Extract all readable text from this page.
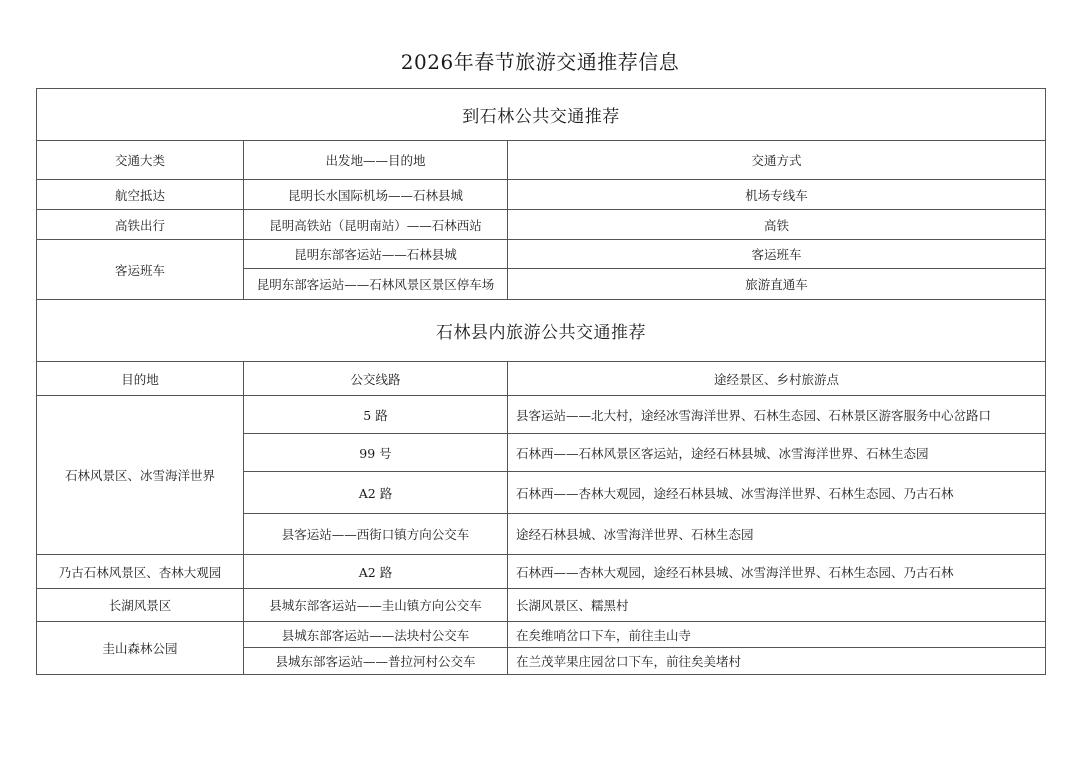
2026年春节旅游交通推荐信息
到石林公共交通推荐		
交通大类	出发地——目的地	交通方式
航空抵达	昆明长水国际机场——石林县城	机场专线车
高铁出行	昆明高铁站（昆明南站）——石林西站	高铁
客运班车	昆明东部客运站——石林县城	客运班车
	昆明东部客运站——石林风景区景区停车场	旅游直通车
石林县内旅游公共交通推荐		
目的地	公交线路	途经景区、乡村旅游点
石林风景区、冰雪海洋世界	5 路	县客运站——北大村，途经冰雪海洋世界、石林生态园、石林景区游客服务中心岔路口
	99 号	石林西——石林风景区客运站，途经石林县城、冰雪海洋世界、石林生态园
	A2 路	石林西——杏林大观园，途经石林县城、冰雪海洋世界、石林生态园、乃古石林
	县客运站——西街口镇方向公交车	途经石林县城、冰雪海洋世界、石林生态园
乃古石林风景区、杏林大观园	A2 路	石林西——杏林大观园，途经石林县城、冰雪海洋世界、石林生态园、乃古石林
长湖风景区	县城东部客运站——圭山镇方向公交车	长湖风景区、糯黑村
圭山森林公园	县城东部客运站——法块村公交车	在矣维哨岔口下车，前往圭山寺
	县城东部客运站——普拉河村公交车	在兰茂苹果庄园岔口下车，前往矣美堵村
